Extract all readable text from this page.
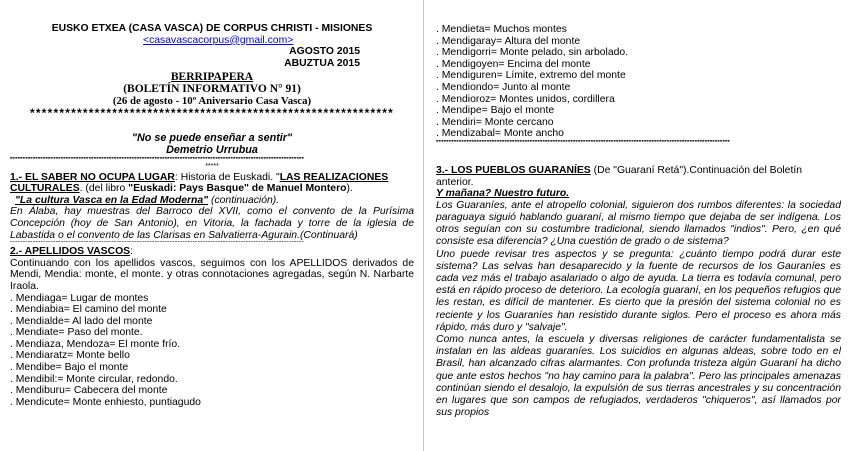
EUSKO ETXEA (CASA VASCA) DE CORPUS CHRISTI - MISIONES
<casavascacorpus@gmail.com>
AGOSTO 2015
ABUZTUA 2015
BERRIPAPERA
(BOLETÍN INFORMATIVO N° 91)
(26 de agosto - 10º Aniversario Casa Vasca)
**************************************************************
"No se puede enseñar a sentir"
Demetrio Urrubua
********************************************************************************************************************
*****
1.- EL SABER NO OCUPA LUGAR: Historia de Euskadi. "LAS REALIZACIONES CULTURALES. (del libro "Euskadi: Pays Basque" de Manuel Montero).
"La cultura Vasca en la Edad Moderna" (continuación).

En Álaba, hay muestras del Barroco del XVII, como el convento de la Purísima Concepción (hoy de San Antonio), en Vitoria, la fachada y torre de la iglesia de Labastida o el convento de las Clarisas en Salvatierra-Agurain.(Continuará)

********************************************************************************************************************
2.- APELLIDOS VASCOS:

Continuando con los apellidos vascos, seguimos con los APELLIDOS derivados de Mendi, Mendia: monte, el monte. y otras connotaciones agregadas, según N. Narbarte Iraola.

. Mendiaga= Lugar de montes
. Mendiabia= El camino del monte
. Mendialde= Al lado del monte
. Mendiate= Paso del monte.
. Mendiaza, Mendoza= El monte frío.
. Mendiaratz= Monte bello
. Mendibe= Bajo el monte
. Mendibil:= Monte circular, redondo.
. Mendiburu= Cabecera del monte
. Mendicute= Monte enhiesto, puntiagudo
. Mendieta= Muchos montes
. Mendigaray= Altura del monte
. Mendigorri= Monte pelado, sin arbolado.
. Mendigoyen= Encima del monte
. Mendiguren= Límite, extremo del monte
. Mendiondo= Junto al monte
. Mendioroz= Montes unidos, cordillera
. Mendipe= Bajo el monte
. Mendiri= Monte cercano
. Mendizabal= Monte ancho
********************************************************************************************************************
3.- LOS PUEBLOS GUARANÍES (De "Guaraní Retá").Continuación del Boletín anterior.
Y mañana? Nuestro futuro.

Los Guaraníes, ante el atropello colonial, siguieron dos rumbos diferentes: la sociedad paraguaya siguió hablando guaraní, al mismo tiempo que dejaba de ser indígena. Los otros seguían con su costumbre tradicional, siendo llamados "indios". Pero, ¿en qué consiste esa diferencia? ¿Una cuestión de grado o de sistema?

Uno puede revisar tres aspectos y se pregunta: ¿cuánto tiempo podrá durar este sistema? Las selvas han desaparecido y la fuente de recursos de los Gauraníes es cada vez más el trabajo asalariado o algo de ayuda. La tierra es todavía comunal, pero está en rápido proceso de deterioro. La ecología guaraní, en los pequeños refugios que les restan, es difícil de mantener. Es cierto que la presión del sistema colonial no es reciente y los Guaraníes han resistido durante siglos. Pero el proceso es ahora más rápido, más duro y "salvaje".

Como nunca antes, la escuela y diversas religiones de carácter fundamentalista se instalan en las aldeas guaraníes. Los suicidios en algunas aldeas, sobre todo en el Brasil, han alcanzado cifras alarmantes. Con profunda tristeza algún Guaraní ha dicho que ante estos hechos "no hay camino para la palabra". Pero las principales amenazas continúan siendo el desalojo, la expulsión de sus tierras ancestrales y su concentración en lugares que son campos de refugiados, verdaderos "chiqueros", así llamados por sus propios
